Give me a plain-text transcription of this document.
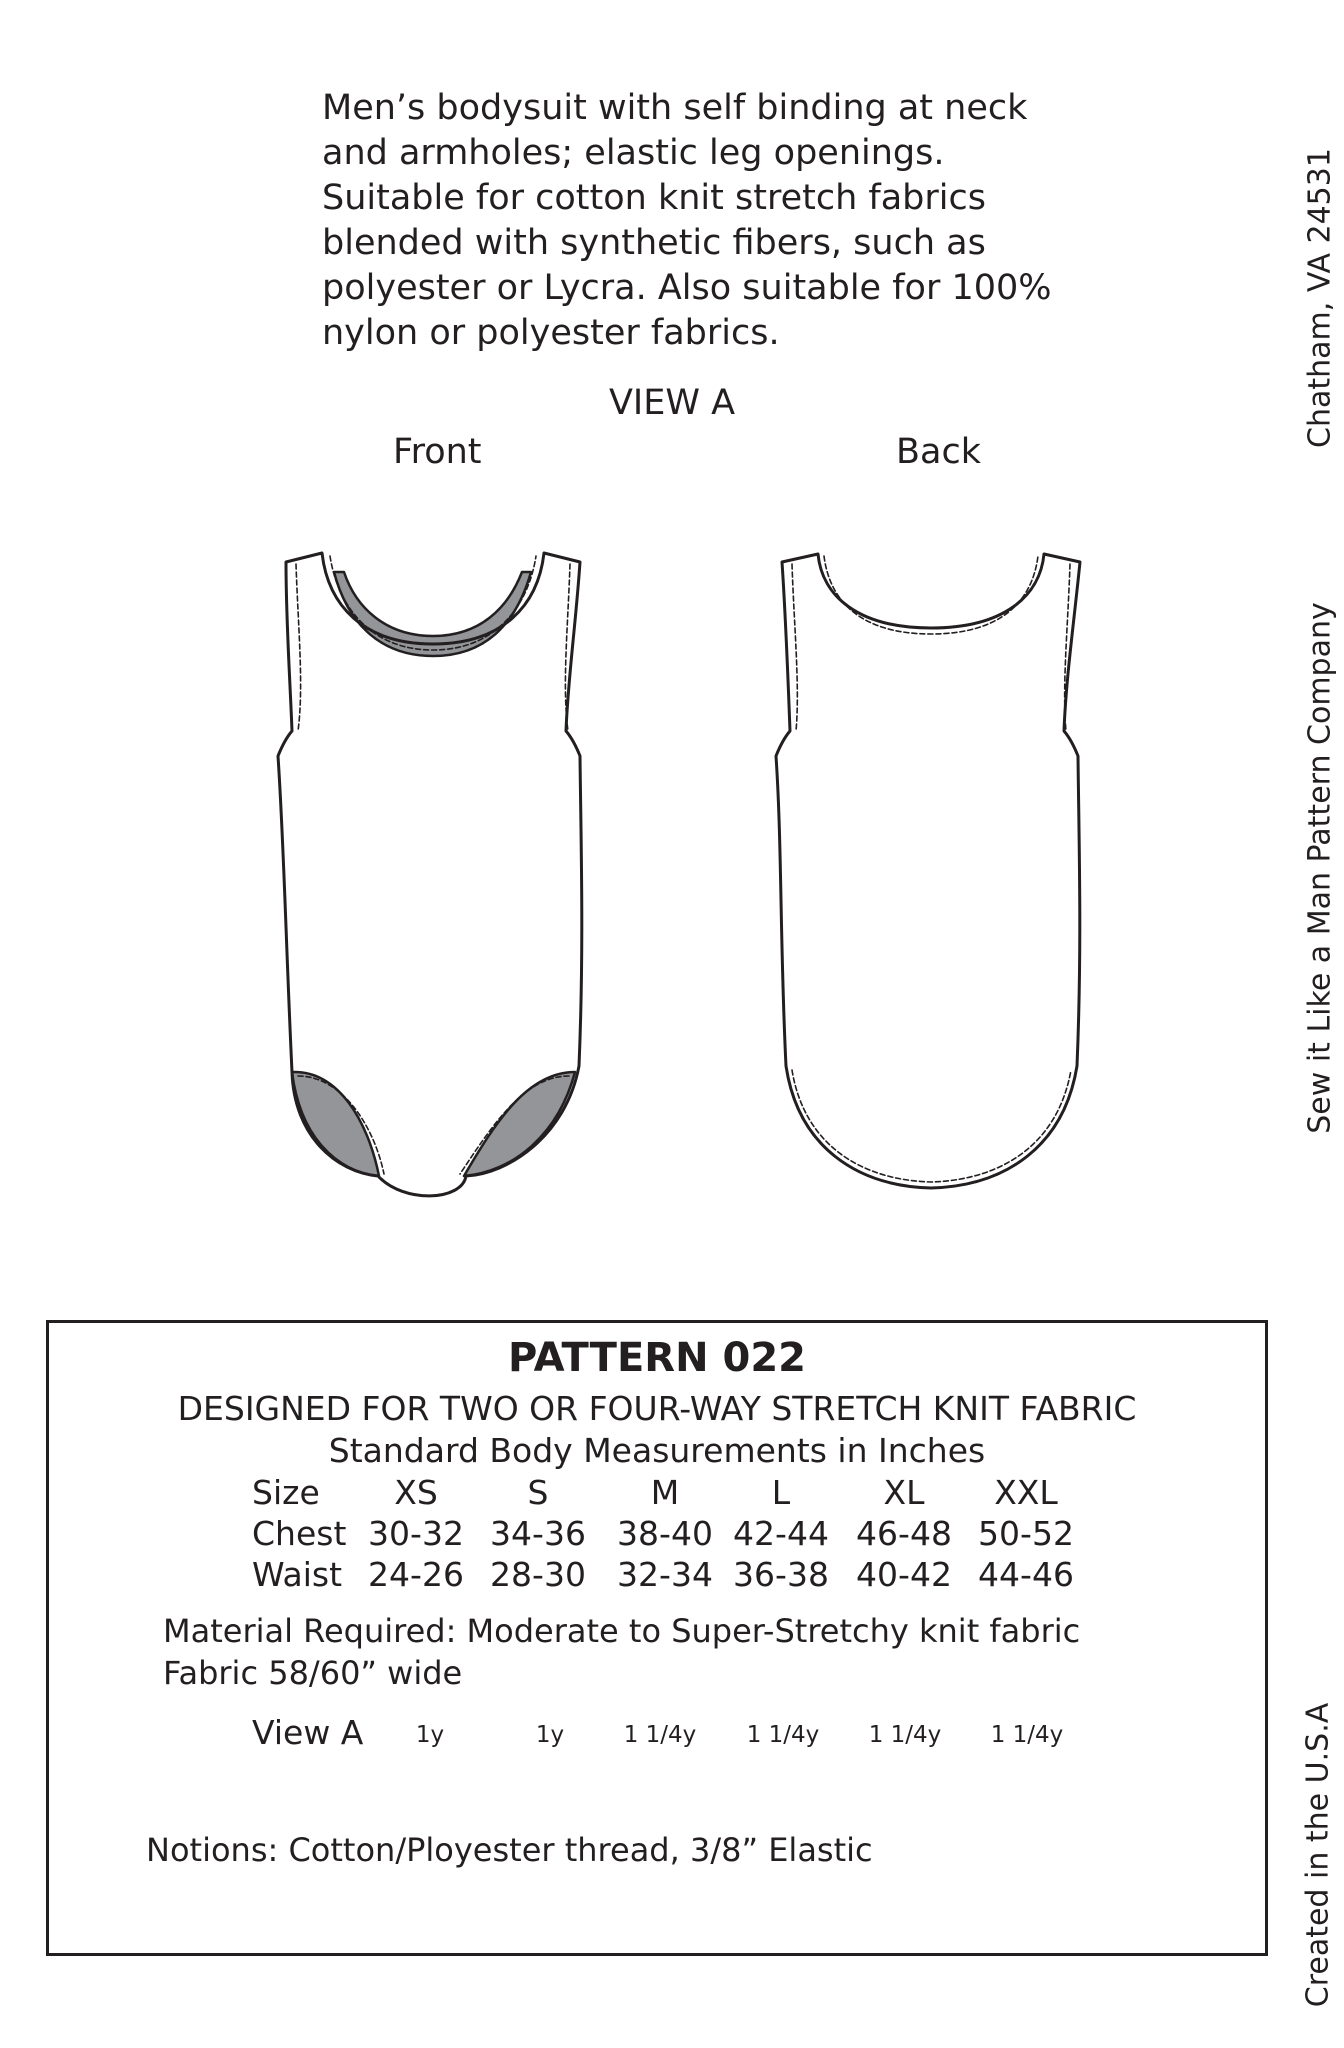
Men’s bodysuit with self binding at neck
and armholes; elastic leg openings.
Suitable for cotton knit stretch fabrics
blended with synthetic fibers, such as
polyester or Lycra. Also suitable for 100%
nylon or polyester fabrics.

VIEW A

Front	Back

Chatham, VA 24531

Sew it Like a Man Pattern Company

Created in the U.S.A

PATTERN 022

DESIGNED FOR TWO OR FOUR-WAY STRETCH KNIT FABRIC

Standard Body Measurements in Inches

Size XS	S	M	L	XL XXL
Chest 30-32 34-36 38-40 42-44 46-48 50-52
Waist 24-26 28-30 32-34 36-38 40-42 44-46

Material Required: Moderate to Super-Stretchy knit fabric

Fabric 58/60” wide

View A 1y	1y	1 1/4y 1 1/4y 1 1/4y 1 1/4y

Notions: Cotton/Ployester thread, 3/8” Elastic
